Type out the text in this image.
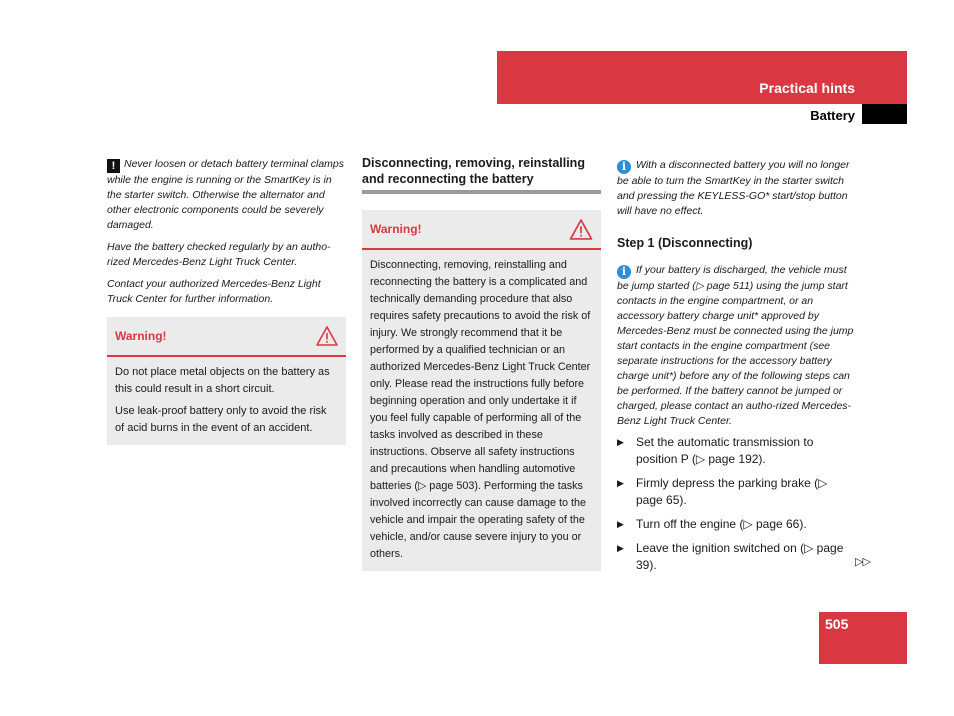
Practical hints
Battery

! Never loosen or detach battery terminal clamps while the engine is running or the SmartKey is in the starter switch. Otherwise the alternator and other electronic components could be severely damaged.

Have the battery checked regularly by an autho-rized Mercedes-Benz Light Truck Center.

Contact your authorized Mercedes-Benz Light Truck Center for further information.

Warning!

Do not place metal objects on the battery as this could result in a short circuit.

Use leak-proof battery only to avoid the risk of acid burns in the event of an accident.

Disconnecting, removing, reinstalling and reconnecting the battery
Warning!

Disconnecting, removing, reinstalling and reconnecting the battery is a complicated and technically demanding procedure that also requires safety precautions to avoid the risk of injury. We strongly recommend that it be performed by a qualified technician or an authorized Mercedes-Benz Light Truck Center only. Please read the instructions fully before beginning operation and only undertake it if you feel fully capable of performing all of the tasks involved as described in these instructions. Observe all safety instructions and precautions when handling automotive batteries (▷ page 503). Performing the tasks involved incorrectly can cause damage to the vehicle and impair the operating safety of the vehicle, and/or cause severe injury to you or others.

i With a disconnected battery you will no longer be able to turn the SmartKey in the starter switch and pressing the KEYLESS-GO* start/stop button will have no effect.

Step 1 (Disconnecting)

i If your battery is discharged, the vehicle must be jump started (▷ page 511) using the jump start contacts in the engine compartment, or an accessory battery charge unit* approved by Mercedes-Benz must be connected using the jump start contacts in the engine compartment (see separate instructions for the accessory battery charge unit*) before any of the following steps can be performed. If the battery cannot be jumped or charged, please contact an autho-rized Mercedes-Benz Light Truck Center.

▶	Set the automatic transmission to position P (▷ page 192).
▶	Firmly depress the parking brake (▷ page 65).
▶	Turn off the engine (▷ page 66).
▶	Leave the ignition switched on (▷ page 39).	▷▷
505
